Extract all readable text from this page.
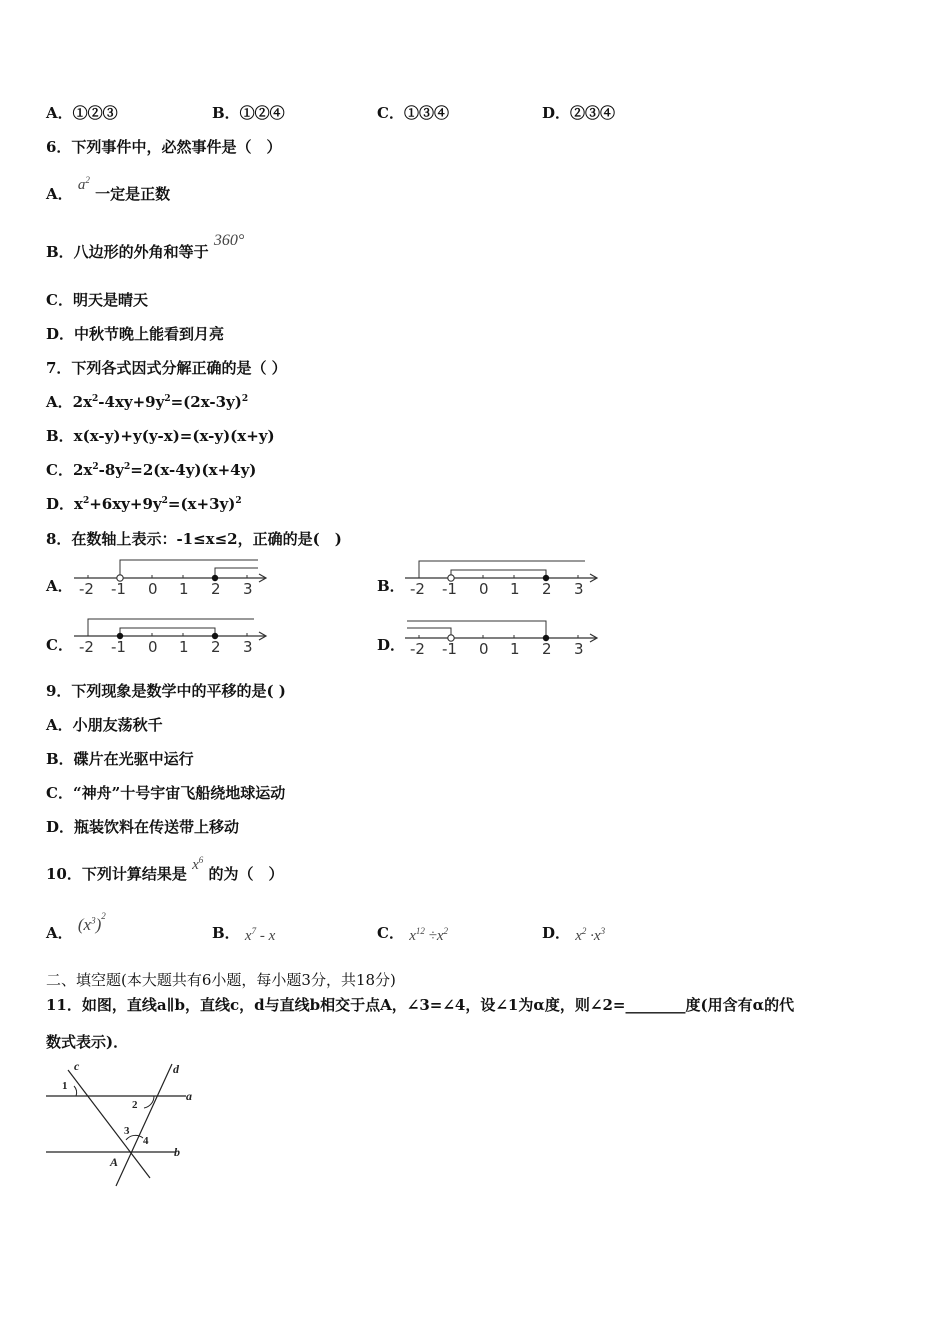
A．①②③	B．①②④	C．①③④	D．②③④
6．下列事件中，必然事件是（　）
A． $a^2$ 一定是正数
B．八边形的外角和等于 360°
C．明天是晴天
D．中秋节晚上能看到月亮
7．下列各式因式分解正确的是（ ）
A．$2x^2-4xy+9y^2=(2x-3y)^2$
B．x(x-y)+y(y-x)=(x-y)(x+y)
C．$2x^2-8y^2=2(x-4y)(x+4y)$
D．$x^2+6xy+9y^2=(x+3y)^2$
8．在数轴上表示：-1≤x≤2，正确的是(　)
A．	B．
C．	D．
-2 -1 0 1 2 3	-2 -1 0 1 2 3
-2 -1 0 1 2 3	-2 -1 0 1 2 3
9．下列现象是数学中的平移的是( )
A．小朋友荡秋千
B．碟片在光驱中运行
C．“神舟”十号宇宙飞船绕地球运动
D．瓶装饮料在传送带上移动
10．下列计算结果是 $x^6$ 的为（　）
A． $(x^3)^2$
B． $x^7$ - x	C． $x^{12} \div x^2$	D． $x^2 \cdot x^3$
二、填空题(本大题共有6小题，每小题3分，共18分)
11．如图，直线a∥b，直线c，d与直线b相交于点A，∠3=∠4，设∠1为α度，则∠2=________度(用含有α的代
数式表示)．
c	d
a
b
A
1
2
3
4
